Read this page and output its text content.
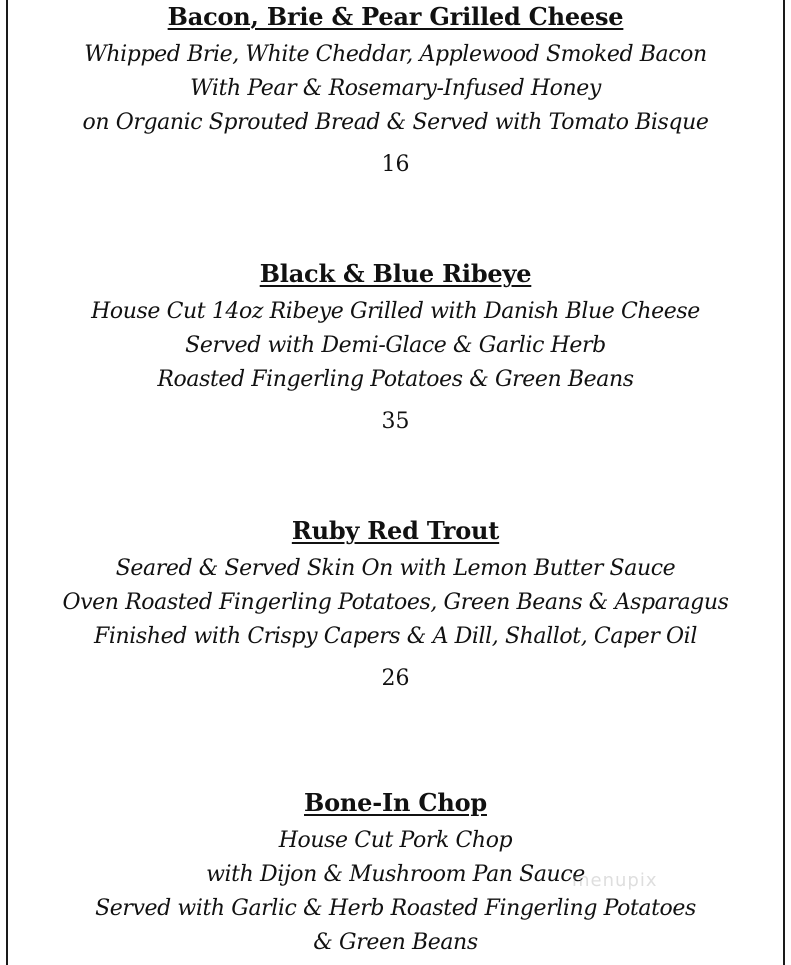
Bacon, Brie & Pear Grilled Cheese
Whipped Brie, White Cheddar, Applewood Smoked Bacon
With Pear & Rosemary-Infused Honey
on Organic Sprouted Bread & Served with Tomato Bisque
16
Black & Blue Ribeye
House Cut 14oz Ribeye Grilled with Danish Blue Cheese
Served with Demi-Glace & Garlic Herb
Roasted Fingerling Potatoes & Green Beans
35
Ruby Red Trout
Seared & Served Skin On with Lemon Butter Sauce
Oven Roasted Fingerling Potatoes, Green Beans & Asparagus
Finished with Crispy Capers & A Dill, Shallot, Caper Oil
26
Bone-In Chop
House Cut Pork Chop
with Dijon & Mushroom Pan Sauce
Served with Garlic & Herb Roasted Fingerling Potatoes
& Green Beans
menupix
